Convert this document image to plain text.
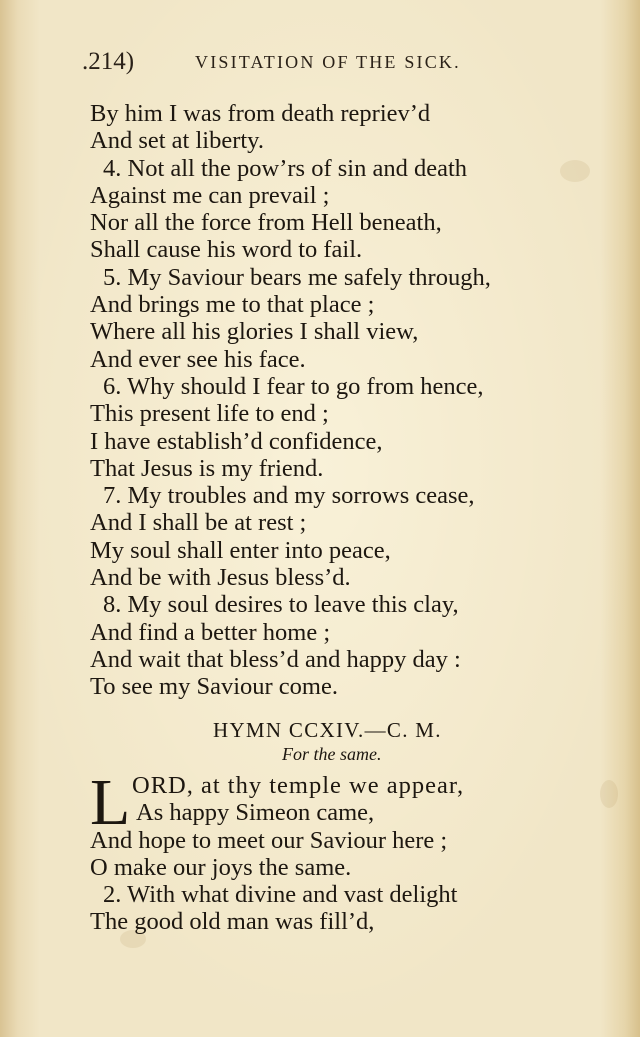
.214)	VISITATION OF THE SICK.
By him I was from death repriev’d
And set at liberty.
4. Not all the pow’rs of sin and death
Against me can prevail ;
Nor all the force from Hell beneath,
Shall cause his word to fail.
5. My Saviour bears me safely through,
And brings me to that place ;
Where all his glories I shall view,
And ever see his face.
6. Why should I fear to go from hence,
This present life to end ;
I have establish’d confidence,
That Jesus is my friend.
7. My troubles and my sorrows cease,
And I shall be at rest ;
My soul shall enter into peace,
And be with Jesus bless’d.
8. My soul desires to leave this clay,
And find a better home ;
And wait that bless’d and happy day :
To see my Saviour come.
HYMN CCXIV.—C. M.
For the same.
L ORD, at thy temple we appear,
As happy Simeon came,
And hope to meet our Saviour here ;
O make our joys the same.
2. With what divine and vast delight
The good old man was fill’d,
